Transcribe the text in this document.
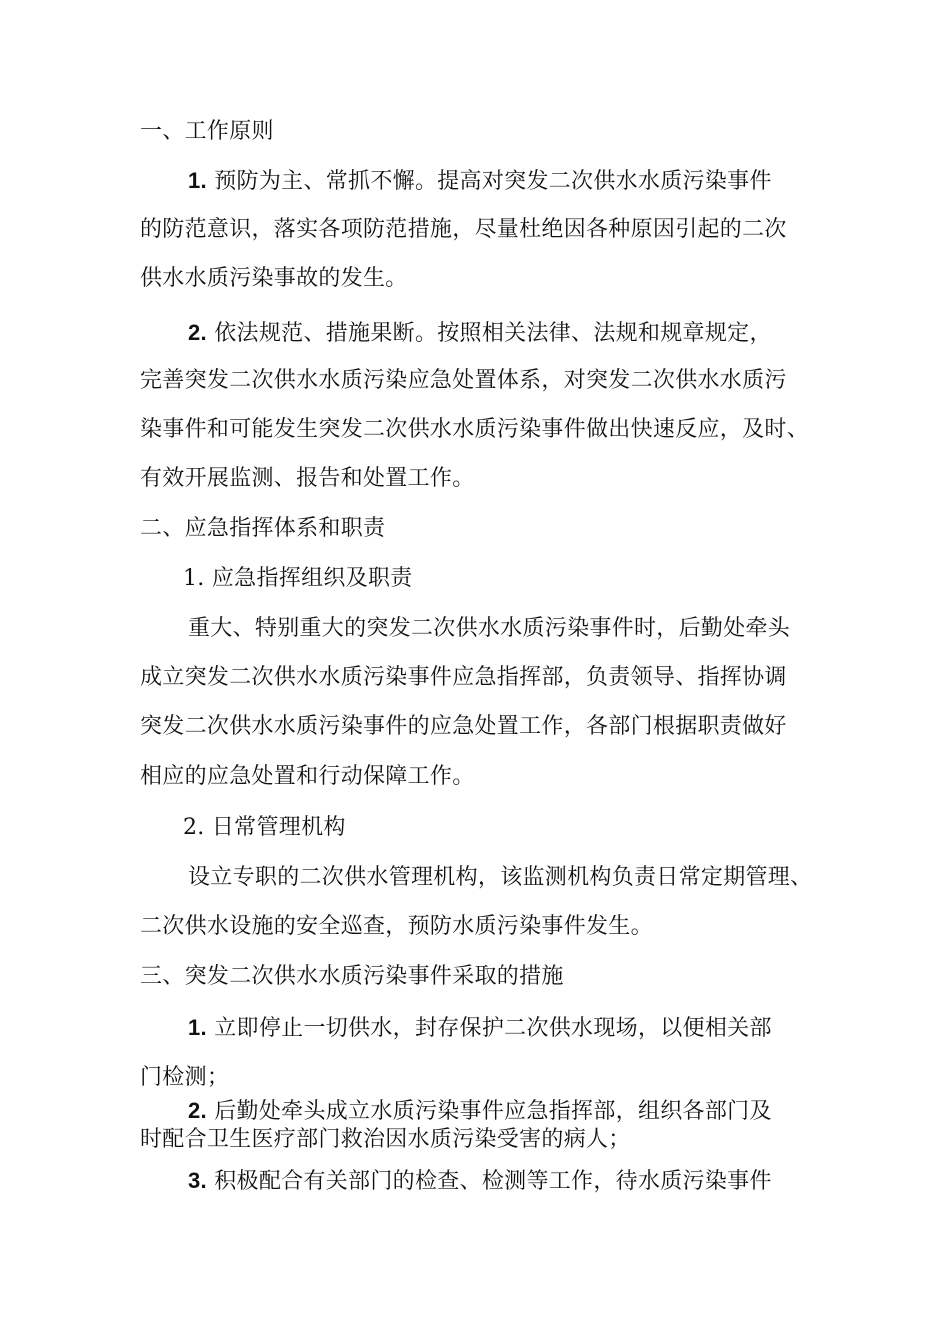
一、工作原则
1. 预防为主、常抓不懈。提高对突发二次供水水质污染事件
的防范意识，落实各项防范措施，尽量杜绝因各种原因引起的二次
供水水质污染事故的发生。
2. 依法规范、措施果断。按照相关法律、法规和规章规定，
完善突发二次供水水质污染应急处置体系，对突发二次供水水质污
染事件和可能发生突发二次供水水质污染事件做出快速反应，及时、
有效开展监测、报告和处置工作。
二、应急指挥体系和职责
1. 应急指挥组织及职责
重大、特别重大的突发二次供水水质污染事件时，后勤处牵头
成立突发二次供水水质污染事件应急指挥部，负责领导、指挥协调
突发二次供水水质污染事件的应急处置工作，各部门根据职责做好
相应的应急处置和行动保障工作。
2. 日常管理机构
设立专职的二次供水管理机构，该监测机构负责日常定期管理、
二次供水设施的安全巡查，预防水质污染事件发生。
三、突发二次供水水质污染事件采取的措施
1. 立即停止一切供水，封存保护二次供水现场，以便相关部
门检测；
2. 后勤处牵头成立水质污染事件应急指挥部，组织各部门及
时配合卫生医疗部门救治因水质污染受害的病人；
3. 积极配合有关部门的检查、检测等工作，待水质污染事件
